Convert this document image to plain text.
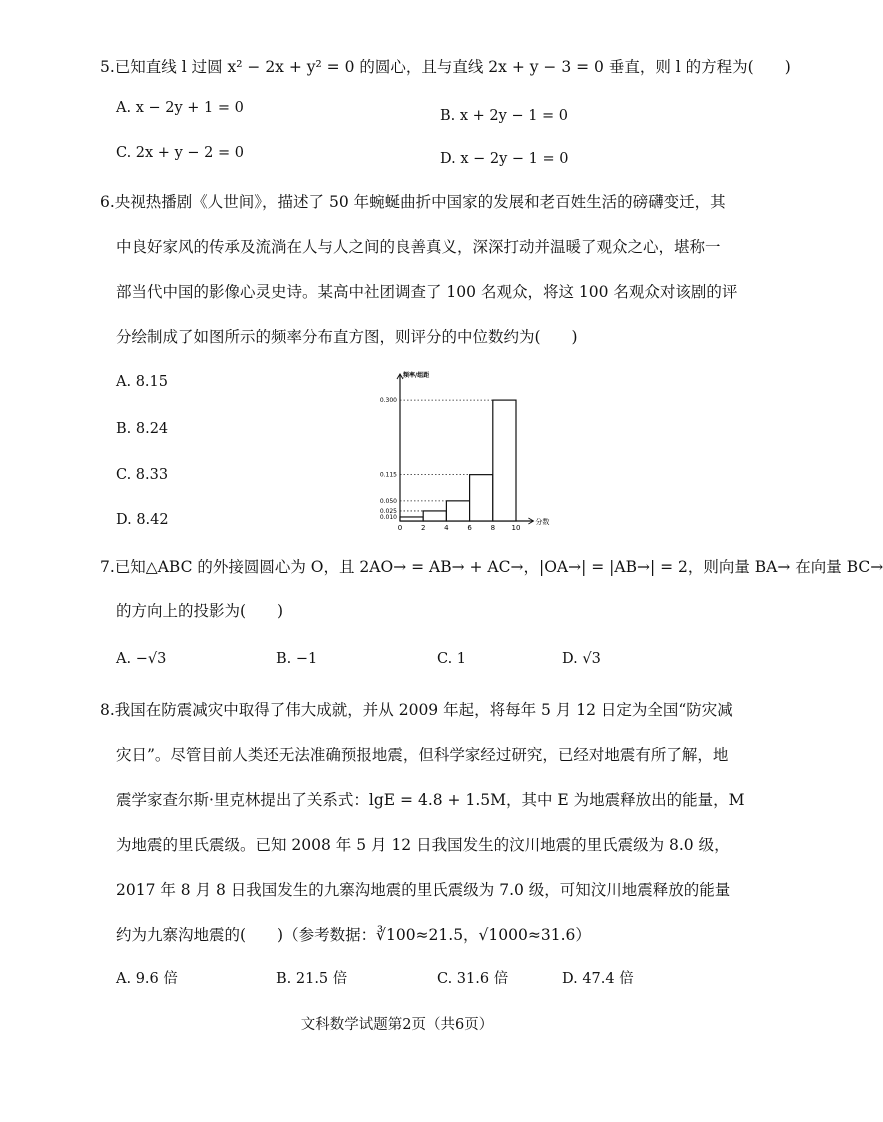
5.已知直线 l 过圆 x² − 2x + y² = 0 的圆心，且与直线 2x + y − 3 = 0 垂直，则 l 的方程为(　　)
A. x − 2y + 1 = 0	B. x + 2y − 1 = 0
C. 2x + y − 2 = 0	D. x − 2y − 1 = 0
6.央视热播剧《人世间》，描述了 50 年蜿蜒曲折中国家的发展和老百姓生活的磅礴变迁，其
中良好家风的传承及流淌在人与人之间的良善真义，深深打动并温暖了观众之心，堪称一
部当代中国的影像心灵史诗。某高中社团调查了 100 名观众，将这 100 名观众对该剧的评
分绘制成了如图所示的频率分布直方图，则评分的中位数约为(　　)
A. 8.15
B. 8.24
C. 8.33
D. 8.42
频率/组距
分数
0.010
0.025
0.050
0.115
0.300
0	2	4	6	8 10
7.已知△ABC 的外接圆圆心为 O，且 2AO→ = AB→ + AC→，|OA→| = |AB→| = 2，则向量 BA→ 在向量 BC→
的方向上的投影为(　　)
A. −√3	B. −1	C. 1	D. √3
8.我国在防震减灾中取得了伟大成就，并从 2009 年起，将每年 5 月 12 日定为全国“防灾减
灾日”。尽管目前人类还无法准确预报地震，但科学家经过研究，已经对地震有所了解，地
震学家查尔斯·里克林提出了关系式：lgE = 4.8 + 1.5M，其中 E 为地震释放出的能量，M
为地震的里氏震级。已知 2008 年 5 月 12 日我国发生的汶川地震的里氏震级为 8.0 级，
2017 年 8 月 8 日我国发生的九寨沟地震的里氏震级为 7.0 级，可知汶川地震释放的能量
约为九寨沟地震的(　　)（参考数据：∛100≈21.5，√1000≈31.6）
A. 9.6 倍	B. 21.5 倍	C. 31.6 倍	D. 47.4 倍
文科数学试题第2页（共6页）
